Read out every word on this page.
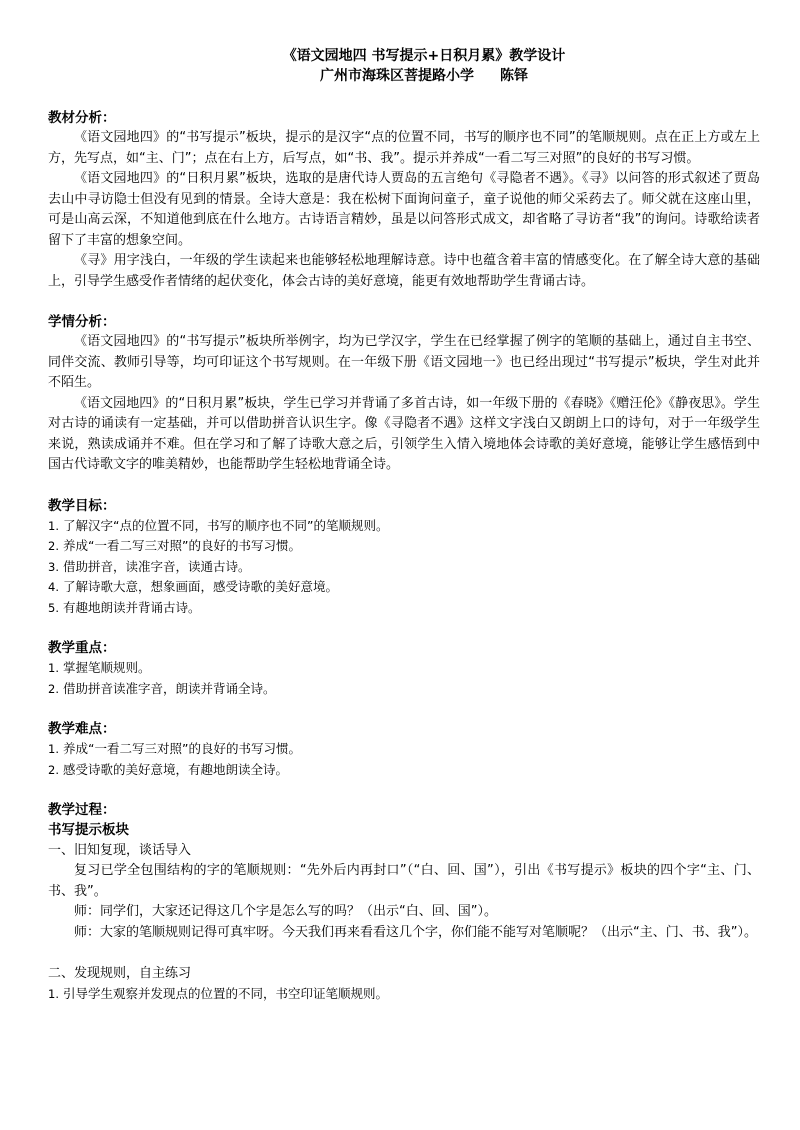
《语文园地四 书写提示+日积月累》教学设计
广州市海珠区菩提路小学 陈铎
教材分析：

《语文园地四》的“书写提示”板块，提示的是汉字“点的位置不同，书写的顺序也不同”的笔顺规则。点在正上方或左上方，先写点，如“主、门”；点在右上方，后写点，如“书、我”。提示并养成“一看二写三对照”的良好的书写习惯。

《语文园地四》的“日积月累”板块，选取的是唐代诗人贾岛的五言绝句《寻隐者不遇》。《寻》以问答的形式叙述了贾岛去山中寻访隐士但没有见到的情景。全诗大意是：我在松树下面询问童子，童子说他的师父采药去了。师父就在这座山里，可是山高云深，不知道他到底在什么地方。古诗语言精妙，虽是以问答形式成文，却省略了寻访者“我”的询问。诗歌给读者留下了丰富的想象空间。

《寻》用字浅白，一年级的学生读起来也能够轻松地理解诗意。诗中也蕴含着丰富的情感变化。在了解全诗大意的基础上，引导学生感受作者情绪的起伏变化，体会古诗的美好意境，能更有效地帮助学生背诵古诗。

学情分析：

《语文园地四》的“书写提示”板块所举例字，均为已学汉字，学生在已经掌握了例字的笔顺的基础上，通过自主书空、同伴交流、教师引导等，均可印证这个书写规则。在一年级下册《语文园地一》也已经出现过“书写提示”板块，学生对此并不陌生。

《语文园地四》的“日积月累”板块，学生已学习并背诵了多首古诗，如一年级下册的《春晓》《赠汪伦》《静夜思》。学生对古诗的诵读有一定基础，并可以借助拼音认识生字。像《寻隐者不遇》这样文字浅白又朗朗上口的诗句，对于一年级学生来说，熟读成诵并不难。但在学习和了解了诗歌大意之后，引领学生入情入境地体会诗歌的美好意境，能够让学生感悟到中国古代诗歌文字的唯美精妙，也能帮助学生轻松地背诵全诗。

教学目标：
1. 了解汉字“点的位置不同，书写的顺序也不同”的笔顺规则。
2. 养成“一看二写三对照”的良好的书写习惯。
3. 借助拼音，读准字音，读通古诗。
4. 了解诗歌大意，想象画面，感受诗歌的美好意境。
5. 有趣地朗读并背诵古诗。
教学重点：
1. 掌握笔顺规则。
2. 借助拼音读准字音，朗读并背诵全诗。
教学难点：
1. 养成“一看二写三对照”的良好的书写习惯。
2. 感受诗歌的美好意境，有趣地朗读全诗。
教学过程：
书写提示板块
一、旧知复现，谈话导入

复习已学全包围结构的字的笔顺规则：“先外后内再封口”（“白、回、国”），引出《书写提示》板块的四个字“主、门、书、我”。

师：同学们，大家还记得这几个字是怎么写的吗？（出示“白、回、国”）。

师：大家的笔顺规则记得可真牢呀。今天我们再来看看这几个字，你们能不能写对笔顺呢？（出示“主、门、书、我”）。

二、发现规则，自主练习
1. 引导学生观察并发现点的位置的不同，书空印证笔顺规则。
